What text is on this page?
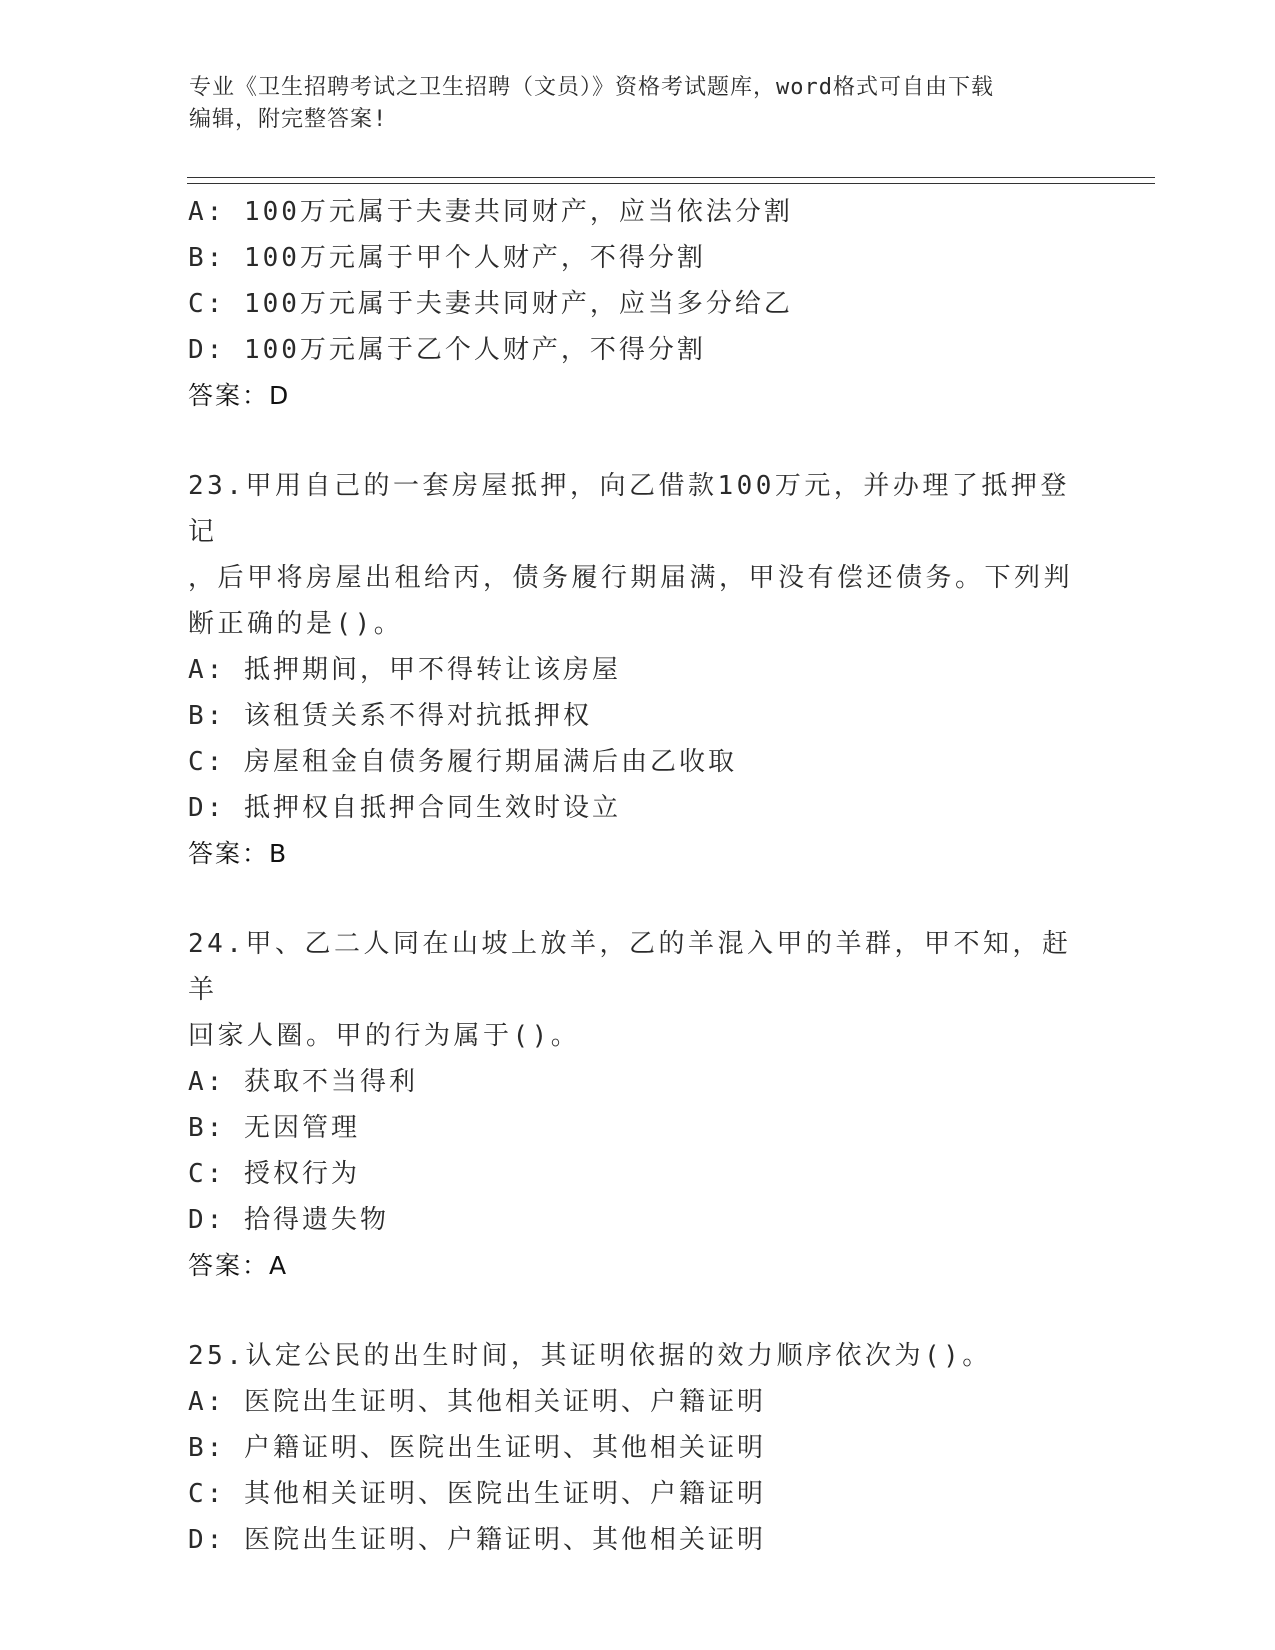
专业《卫生招聘考试之卫生招聘（文员）》资格考试题库，word格式可自由下载
编辑，附完整答案!
A: 100万元属于夫妻共同财产，应当依法分割
B: 100万元属于甲个人财产，不得分割
C: 100万元属于夫妻共同财产，应当多分给乙
D: 100万元属于乙个人财产，不得分割
答案：D
23.甲用自己的一套房屋抵押，向乙借款100万元，并办理了抵押登记
，后甲将房屋出租给丙，债务履行期届满，甲没有偿还债务。下列判
断正确的是()。
A: 抵押期间，甲不得转让该房屋
B: 该租赁关系不得对抗抵押权
C: 房屋租金自债务履行期届满后由乙收取
D: 抵押权自抵押合同生效时设立
答案：B
24.甲、乙二人同在山坡上放羊，乙的羊混入甲的羊群，甲不知，赶羊
回家人圈。甲的行为属于()。
A: 获取不当得利
B: 无因管理
C: 授权行为
D: 拾得遗失物
答案：A
25.认定公民的出生时间，其证明依据的效力顺序依次为()。
A: 医院出生证明、其他相关证明、户籍证明
B: 户籍证明、医院出生证明、其他相关证明
C: 其他相关证明、医院出生证明、户籍证明
D: 医院出生证明、户籍证明、其他相关证明
